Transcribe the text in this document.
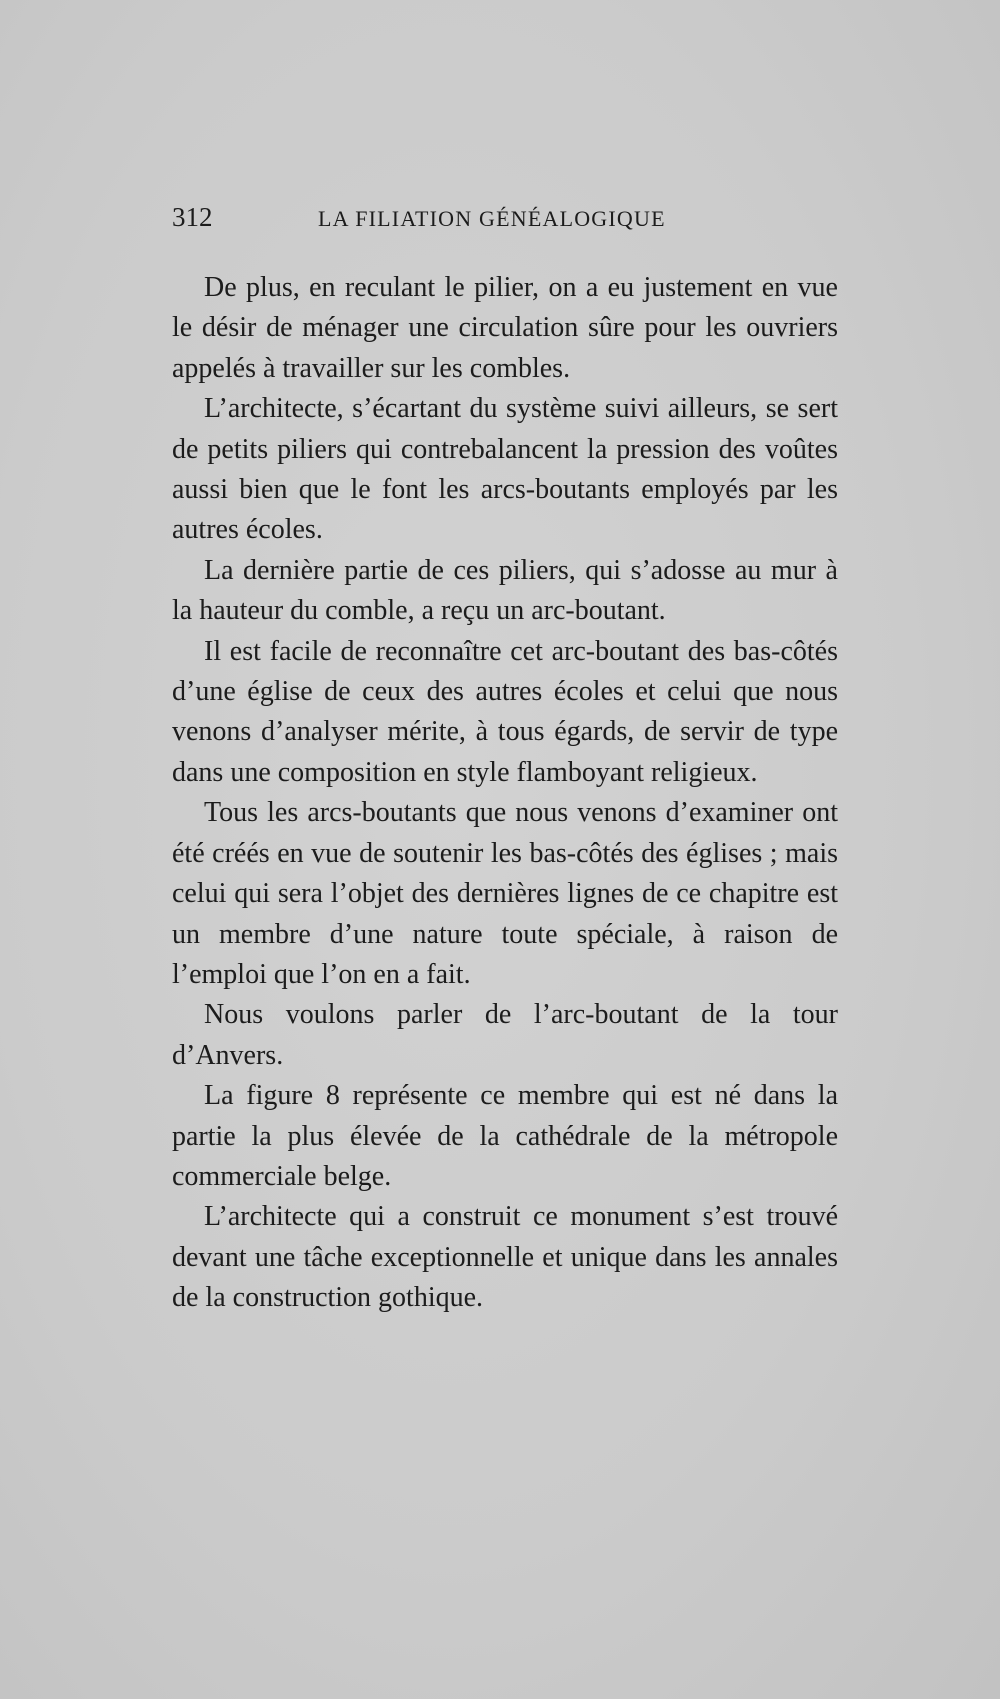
312	LA FILIATION GÉNÉALOGIQUE

De plus, en reculant le pilier, on a eu justement en vue le désir de ménager une circulation sûre pour les ouvriers appelés à travailler sur les combles.

L’architecte, s’écartant du système suivi ailleurs, se sert de petits piliers qui contrebalancent la pression des voûtes aussi bien que le font les arcs-boutants employés par les autres écoles.

La dernière partie de ces piliers, qui s’adosse au mur à la hauteur du comble, a reçu un arc-boutant.

Il est facile de reconnaître cet arc-boutant des bas-côtés d’une église de ceux des autres écoles et celui que nous venons d’analyser mérite, à tous égards, de servir de type dans une composition en style flamboyant religieux.

Tous les arcs-boutants que nous venons d’examiner ont été créés en vue de soutenir les bas-côtés des églises ; mais celui qui sera l’objet des dernières lignes de ce chapitre est un membre d’une nature toute spéciale, à raison de l’emploi que l’on en a fait.

Nous voulons parler de l’arc-boutant de la tour d’Anvers.

La figure 8 représente ce membre qui est né dans la partie la plus élevée de la cathédrale de la métropole commerciale belge.

L’architecte qui a construit ce monument s’est trouvé devant une tâche exceptionnelle et unique dans les annales de la construction gothique.
